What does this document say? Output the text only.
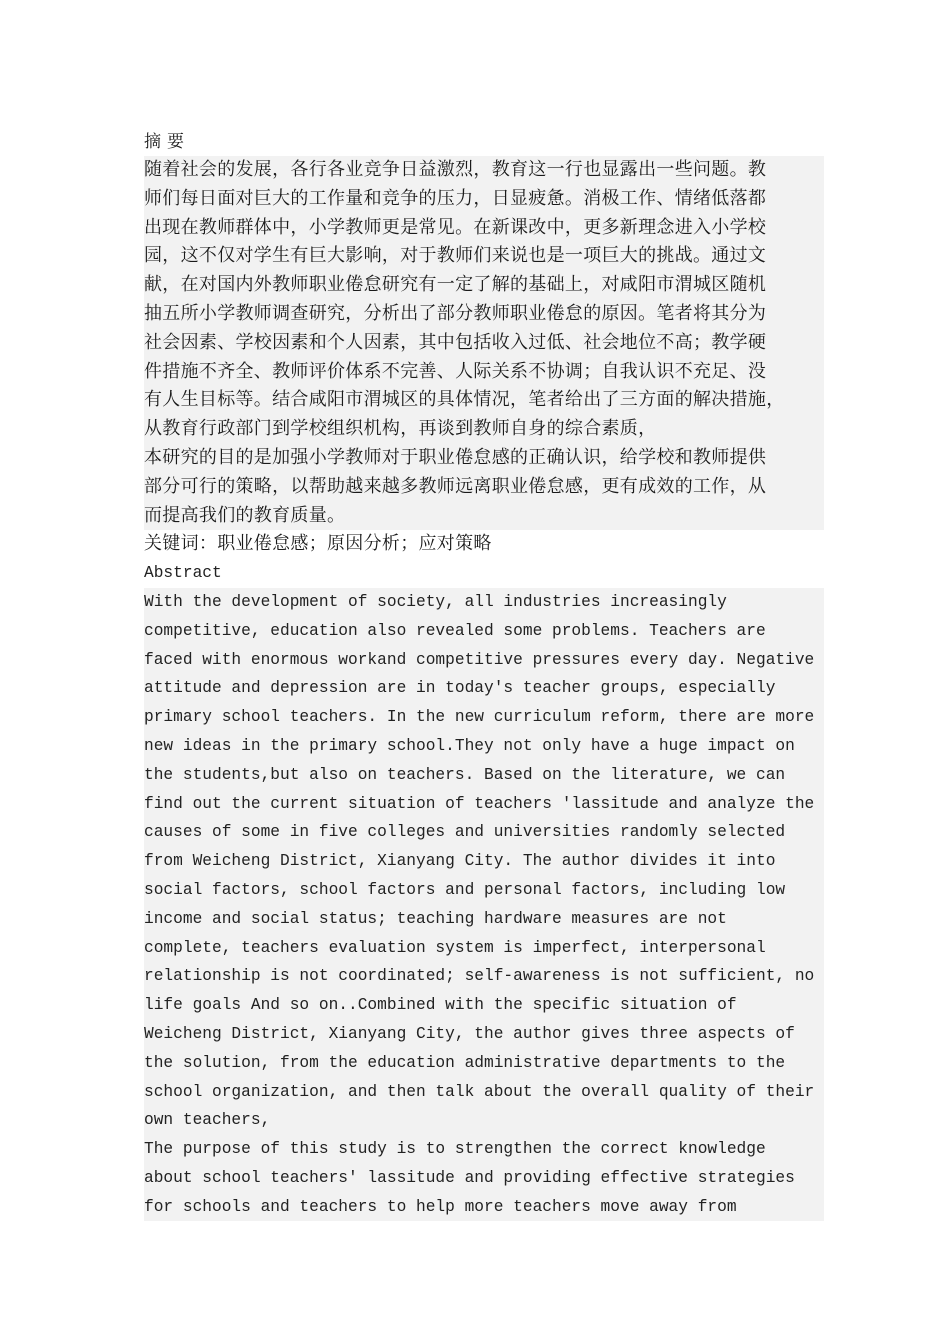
摘 要

随着社会的发展，各行各业竞争日益激烈，教育这一行也显露出一些问题。教
师们每日面对巨大的工作量和竞争的压力，日显疲惫。消极工作、情绪低落都
出现在教师群体中，小学教师更是常见。在新课改中，更多新理念进入小学校
园，这不仅对学生有巨大影响，对于教师们来说也是一项巨大的挑战。通过文
献，在对国内外教师职业倦怠研究有一定了解的基础上，对咸阳市渭城区随机
抽五所小学教师调查研究，分析出了部分教师职业倦怠的原因。笔者将其分为
社会因素、学校因素和个人因素，其中包括收入过低、社会地位不高；教学硬
件措施不齐全、教师评价体系不完善、人际关系不协调；自我认识不充足、没
有人生目标等。结合咸阳市渭城区的具体情况，笔者给出了三方面的解决措施，
从教育行政部门到学校组织机构，再谈到教师自身的综合素质，
本研究的目的是加强小学教师对于职业倦怠感的正确认识，给学校和教师提供
部分可行的策略，以帮助越来越多教师远离职业倦怠感，更有成效的工作，从
而提高我们的教育质量。
关键词：职业倦怠感；原因分析；应对策略
Abstract
With the development of society, all industries increasingly
competitive, education also revealed some problems. Teachers are
faced with enormous workand competitive pressures every day. Negative
attitude and depression are in today's teacher groups, especially
primary school teachers. In the new curriculum reform, there are more
new ideas in the primary school.They not only have a huge impact on
the students,but also on teachers. Based on the literature, we can
find out the current situation of teachers 'lassitude and analyze the
causes of some in five colleges and universities randomly selected
from Weicheng District, Xianyang City. The author divides it into
social factors, school factors and personal factors, including low
income and social status; teaching hardware measures are not
complete, teachers evaluation system is imperfect, interpersonal
relationship is not coordinated; self-awareness is not sufficient, no
life goals And so on..Combined with the specific situation of
Weicheng District, Xianyang City, the author gives three aspects of
the solution, from the education administrative departments to the
school organization, and then talk about the overall quality of their
own teachers,
The purpose of this study is to strengthen the correct knowledge
about school teachers' lassitude and providing effective strategies
for schools and teachers to help more teachers move away from
